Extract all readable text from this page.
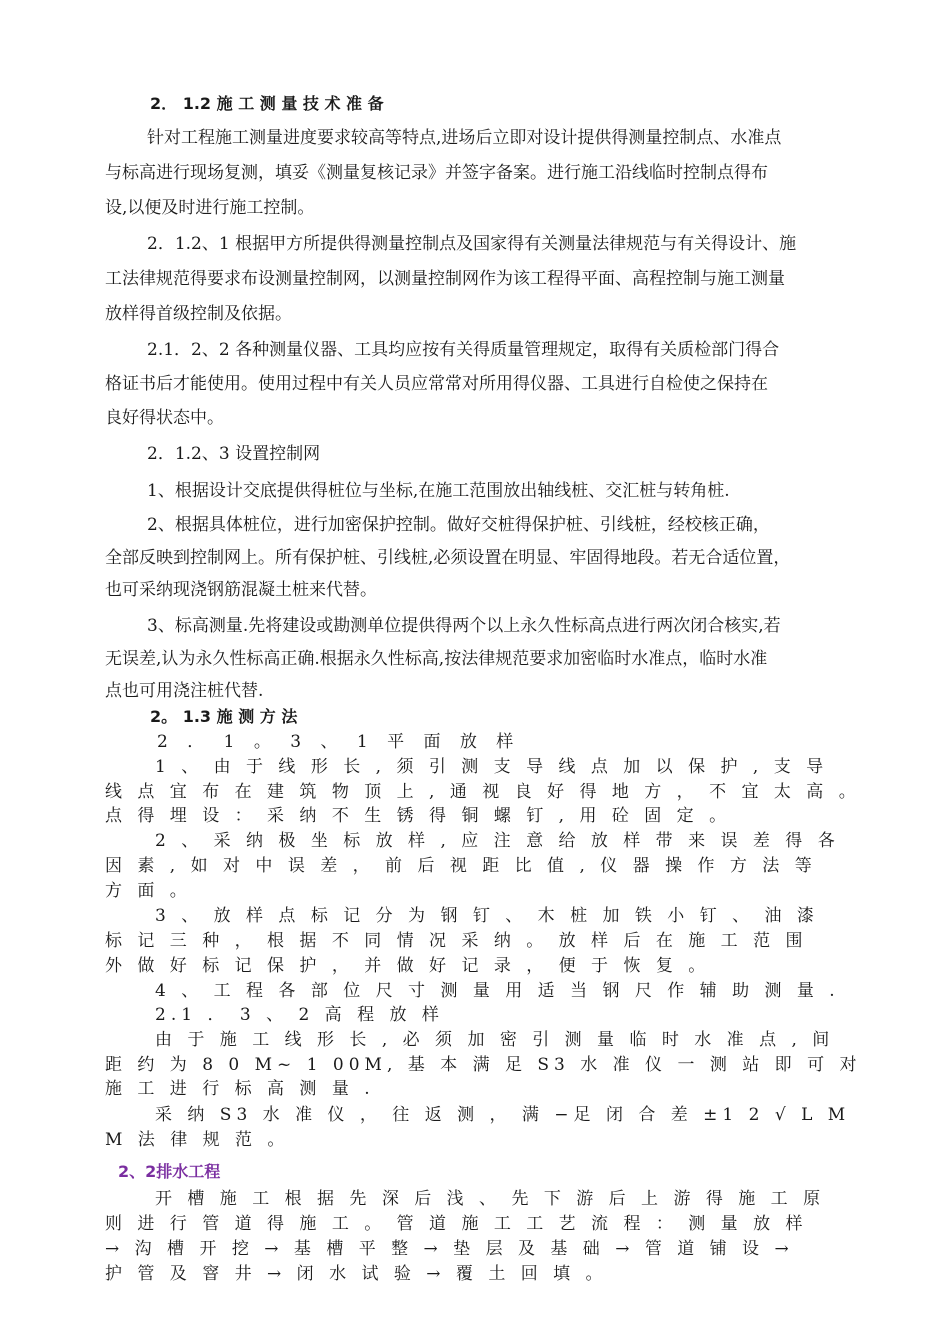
2． 1.2 施 工 测 量 技 术 准 备
针对工程施工测量进度要求较高等特点,进场后立即对设计提供得测量控制点、水准点
与标高进行现场复测，填妥《测量复核记录》并签字备案。进行施工沿线临时控制点得布
设,以便及时进行施工控制。
2．1.2、1 根据甲方所提供得测量控制点及国家得有关测量法律规范与有关得设计、施
工法律规范得要求布设测量控制网，以测量控制网作为该工程得平面、高程控制与施工测量
放样得首级控制及依据。
2.1．2、2 各种测量仪器、工具均应按有关得质量管理规定，取得有关质检部门得合
格证书后才能使用。使用过程中有关人员应常常对所用得仪器、工具进行自检使之保持在
良好得状态中。
2．1.2、3 设置控制网
1、根据设计交底提供得桩位与坐标,在施工范围放出轴线桩、交汇桩与转角桩.
2、根据具体桩位，进行加密保护控制。做好交桩得保护桩、引线桩，经校核正确，
全部反映到控制网上。所有保护桩、引线桩,必须设置在明显、牢固得地段。若无合适位置，
也可采纳现浇钢筋混凝土桩来代替。
3、标高测量.先将建设或勘测单位提供得两个以上永久性标高点进行两次闭合核实,若
无误差,认为永久性标高正确.根据永久性标高,按法律规范要求加密临时水准点，临时水准
点也可用浇注桩代替.
2。 1.3 施 测 方 法
2 ． 1 。 3 、 1 平 面 放 样
1 、 由 于 线 形 长 , 须 引 测 支 导 线 点 加 以 保 护 , 支 导
线 点 宜 布 在 建 筑 物 顶 上 , 通 视 良 好 得 地 方 ， 不 宜 太 高 。
点 得 埋 设 ： 采 纳 不 生 锈 得 铜 螺 钉 , 用 砼 固 定 。
2 、 采 纳 极 坐 标 放 样 , 应 注 意 给 放 样 带 来 误 差 得 各
因 素 , 如 对 中 误 差 ， 前 后 视 距 比 值 , 仪 器 操 作 方 法 等
方 面 。
3 、 放 样 点 标 记 分 为 钢 钉 、 木 桩 加 铁 小 钉 、 油 漆
标 记 三 种 ， 根 据 不 同 情 况 采 纳 。 放 样 后 在 施 工 范 围
外 做 好 标 记 保 护 ， 并 做 好 记 录 ， 便 于 恢 复 。
4 、 工 程 各 部 位 尺 寸 测 量 用 适 当 钢 尺 作 辅 助 测 量 .
2.1 ． 3 、 2 高 程 放 样
由 于 施 工 线 形 长 , 必 须 加 密 引 测 量 临 时 水 准 点 , 间
距 约 为 8 0 M~ 1 00M, 基 本 满 足 S3 水 准 仪 一 测 站 即 可 对
施 工 进 行 标 高 测 量 .
采 纳 S3 水 准 仪 ， 往 返 测 ， 满 −足 闭 合 差 ±1 2 √ L M
M 法 律 规 范 。
2、2排水工程
开 槽 施 工 根 据 先 深 后 浅 、 先 下 游 后 上 游 得 施 工 原
则 进 行 管 道 得 施 工 。 管 道 施 工 工 艺 流 程 ： 测 量 放 样
→ 沟 槽 开 挖 → 基 槽 平 整 → 垫 层 及 基 础 → 管 道 铺 设 →
护 管 及 窨 井 → 闭 水 试 验 → 覆 土 回 填 。
